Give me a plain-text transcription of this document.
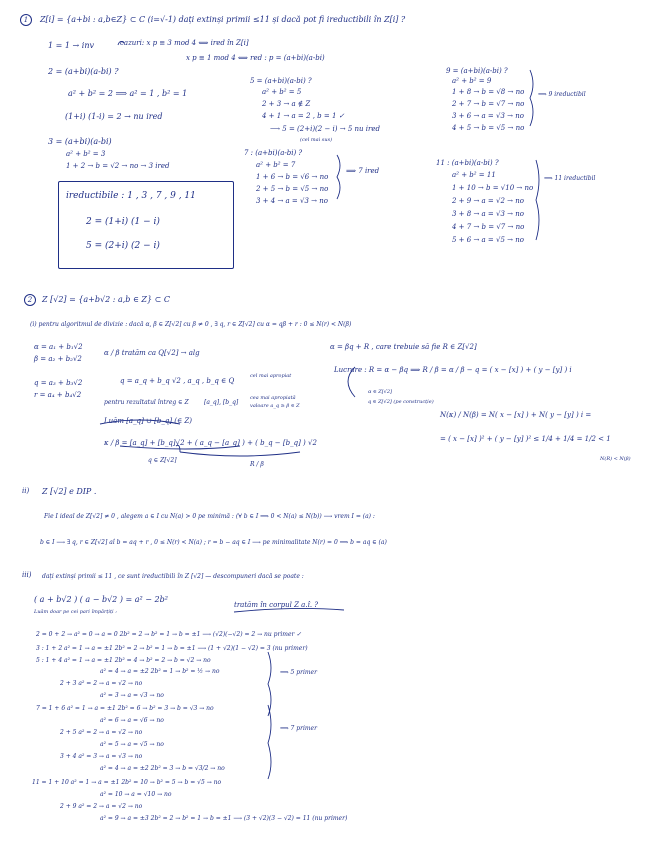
1	Z[i] = {a+bi : a,b∈Z} ⊂ C (i=√-1) dați extinși primii ≤11 și dacă pot fi ireductibili în Z[i] ?
1 = 1 → inv	cazuri: x p ≡ 3 mod 4 ⟺ ired în Z[i]
x p ≡ 1 mod 4 ⟺ red : p = (a+bi)(a-bi)
2 = (a+bi)(a-bi) ?
a² + b² = 2 ⟹ a² = 1 , b² = 1
(1+i) (1-i) = 2 → nu ired
3 = (a+bi)(a-bi)
a² + b² = 3
1 + 2 → b = √2 → no → 3 ired
ireductibile : 1 , 3 , 7 , 9 , 11
2 = (1+i) (1 − i)
5 = (2+i) (2 − i)
5 = (a+bi)(a-bi) ?
a² + b² = 5
2 + 3 → a ∉ Z
4 + 1 → a = 2 , b = 1 ✓
⟶ 5 = (2+i)(2 − i) → 5 nu ired
(cel mai sus)
7 : (a+bi)(a-bi) ?
a² + b² = 7
1 + 6 → b = √6 → no
2 + 5 → b = √5 → no
3 + 4 → a = √3 → no
⟹ 7 ired
9 = (a+bi)(a-bi) ?
a² + b² = 9
1 + 8 → b = √8 → no
2 + 7 → b = √7 → no
3 + 6 → a = √3 → no
4 + 5 → b = √5 → no
⟹ 9 ireductibil
11 : (a+bi)(a-bi) ?
a² + b² = 11
1 + 10 → b = √10 → no
2 + 9 → a = √2 → no
3 + 8 → a = √3 → no
4 + 7 → b = √7 → no
5 + 6 → a = √5 → no
⟹ 11 ireductibil
2	Z [√2] = {a+b√2 : a,b ∈ Z} ⊂ C
(i) pentru algoritmul de divizie : dacă α, β ∈ Z[√2] cu β ≠ 0 , ∃ q, r ∈ Z[√2] cu α = qβ + r : 0 ≤ N(r) < N(β)
α = a₁ + b₁√2
β = a₂ + b₂√2
q = a₃ + b₃√2
r = a₄ + b₄√2
α / β tratăm ca Q[√2] → alg
q = a_q + b_q √2 , a_q , b_q ∈ Q
pentru rezultatul întreg ∈ Z	[a_q], [b_q]
Luăm [a_q] ∪ [b_q] (∈ Z)
cel mai apropiat
cea mai apropiată
valoare a_q ≥ β ∈ Z
κ / β = [a_q] + [b_q]√2 + ( a_q − [a_q] ) + ( b_q − [b_q] ) √2
q ∈ Z[√2]
R / β
α = βq + R , care trebuie să fie R ∈ Z[√2]
Lucrare : R = α − βq ⟹ R / β = α / β − q = ( x − [x] ) + ( y − [y] ) i
α ∈ Z[√2]
q ∈ Z[√2] (pe construcție)
N(κ) / N(β) = N( x − [x] ) + N( y − [y] ) i =
= ( x − [x] )² + ( y − [y] )² ≤ 1/4 + 1/4 = 1/2 < 1
N(R) < N(β)
ii) Z [√2] e DIP .
Fie I ideal de Z[√2] ≠ 0 , alegem a ∈ I cu N(a) > 0 pe minimă : (∀ b ∈ I ⟹ 0 < N(a) ≤ N(b)) ⟶ vrem I = (a) :
b ∈ I ⟶ ∃ q, r ∈ Z[√2] aî b = aq + r , 0 ≤ N(r) < N(a) ; r = b − aq ∈ I ⟶ pe minimalitate N(r) = 0 ⟹ b = aq ∈ (a)
iii) dați extinși primii ≤ 11 , ce sunt ireductibili în Z [√2] — descompuneri dacă se poate :
( a + b√2 ) ( a − b√2 ) = a² − 2b²
Luăm doar pe cei pari împărțiți :
tratăm în corpul Z a.î. ?
2 = 0 + 2 → a² = 0 → a = 0 2b² = 2 → b² = 1 → b = ±1 ⟶ (√2)(−√2) = 2 → nu primer ✓
3 : 1 + 2 a² = 1 → a = ±1 2b² = 2 → b² = 1 → b = ±1 ⟶ (1 + √2)(1 − √2) = 3 (nu primer)
5 : 1 + 4 a² = 1 → a = ±1 2b² = 4 → b² = 2 → b = √2 → no
a² = 4 → a = ±2 2b² = 1 → b² = ½ → no
2 + 3 a² = 2 → a = √2 → no
a² = 3 → a = √3 → no
⟹ 5 primer
7 = 1 + 6 a² = 1 → a = ±1 2b² = 6 → b² = 3 → b = √3 → no
a² = 6 → a = √6 → no
2 + 5 a² = 2 → a = √2 → no
a² = 5 → a = √5 → no
3 + 4 a² = 3 → a = √3 → no
a² = 4 → a = ±2 2b² = 3 → b = √3/2 → no
⟹ 7 primer
11 = 1 + 10 a² = 1 → a = ±1 2b² = 10 → b² = 5 → b = √5 → no
a² = 10 → a = √10 → no
2 + 9 a² = 2 → a = √2 → no
a² = 9 → a = ±3 2b² = 2 → b² = 1 → b = ±1 ⟶ (3 + √2)(3 − √2) = 11 (nu primer)
